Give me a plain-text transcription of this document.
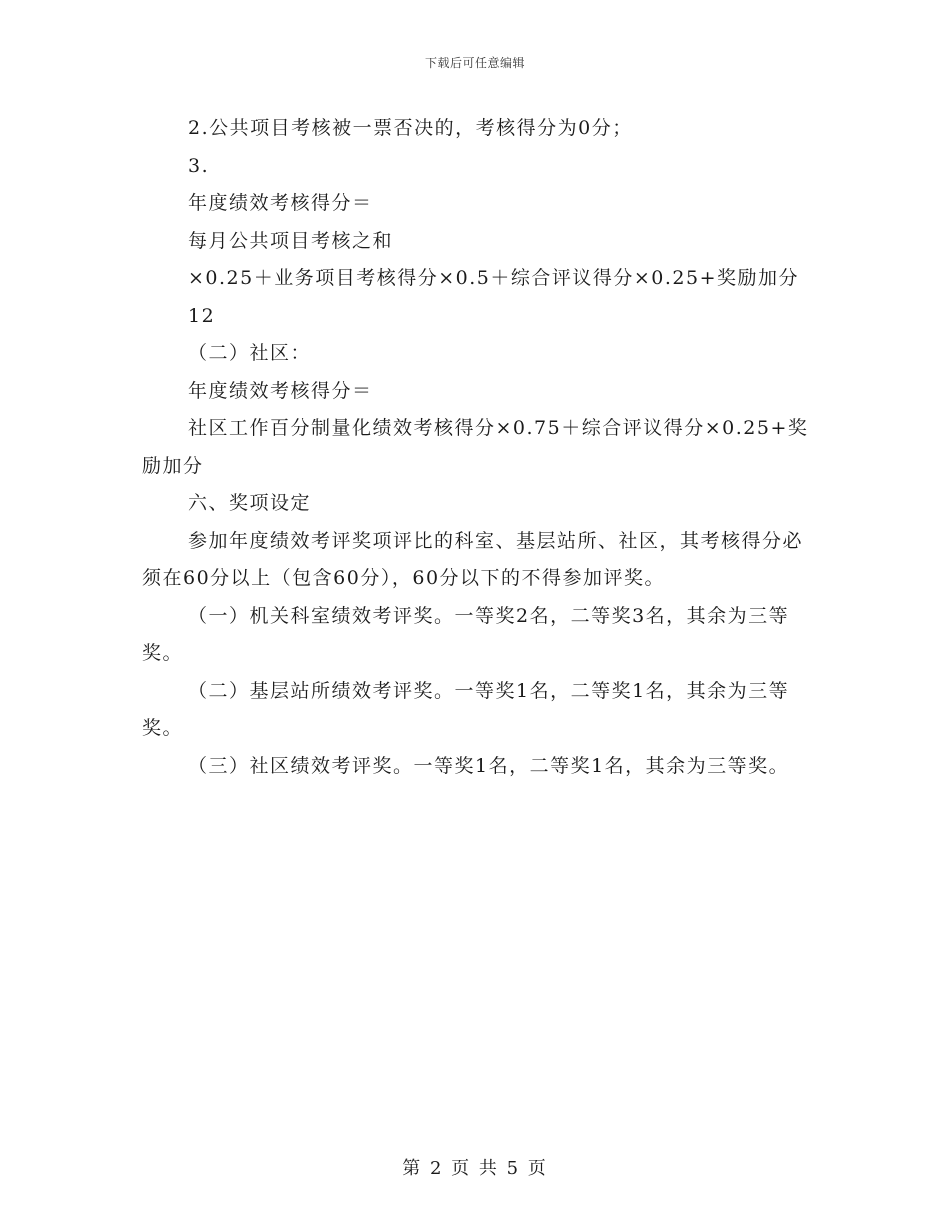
下载后可任意编辑

2.公共项目考核被一票否决的，考核得分为0分；

3.

年度绩效考核得分＝

每月公共项目考核之和

×0.25＋业务项目考核得分×0.5＋综合评议得分×0.25+奖励加分

12

（二）社区：

年度绩效考核得分＝

社区工作百分制量化绩效考核得分×0.75＋综合评议得分×0.25+奖励加分

六、奖项设定

参加年度绩效考评奖项评比的科室、基层站所、社区，其考核得分必须在60分以上（包含60分），60分以下的不得参加评奖。

（一）机关科室绩效考评奖。一等奖2名，二等奖3名，其余为三等奖。

（二）基层站所绩效考评奖。一等奖1名，二等奖1名，其余为三等奖。

（三）社区绩效考评奖。一等奖1名，二等奖1名，其余为三等奖。

第 2 页 共 5 页
